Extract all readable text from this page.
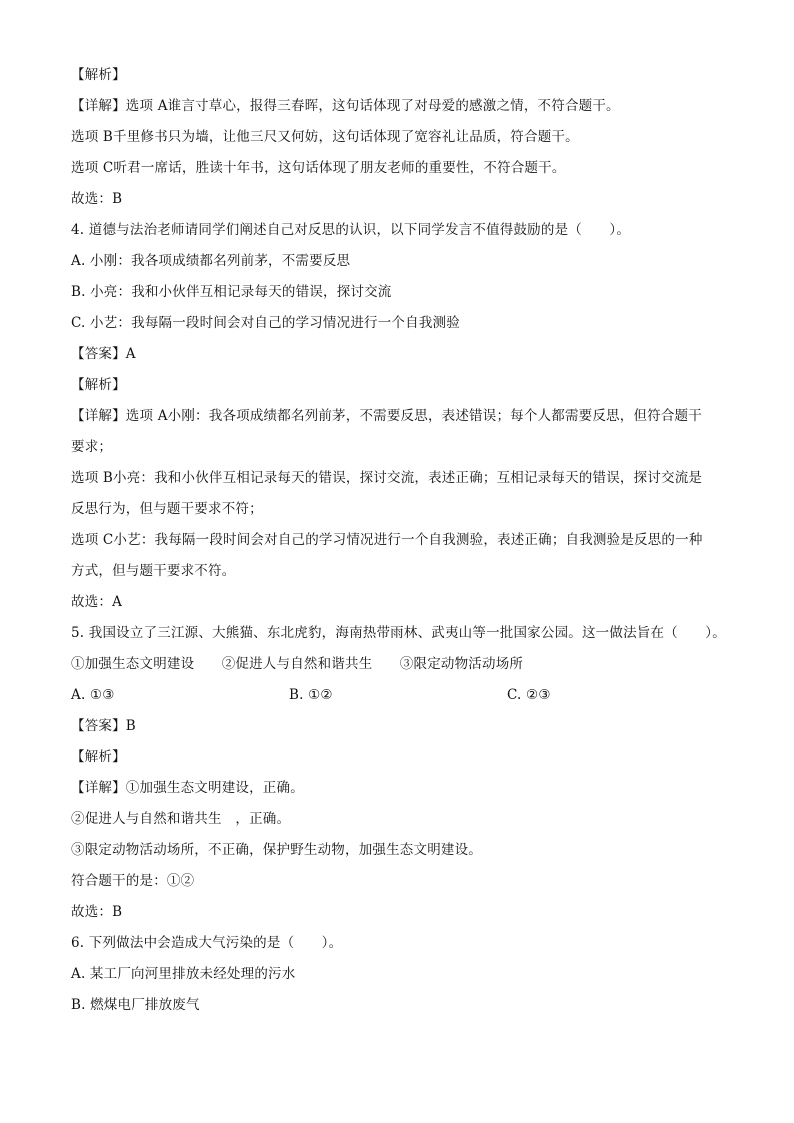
【解析】
【详解】选项 A谁言寸草心，报得三春晖，这句话体现了对母爱的感激之情，不符合题干。
选项 B千里修书只为墙，让他三尺又何妨，这句话体现了宽容礼让品质，符合题干。
选项 C听君一席话，胜读十年书，这句话体现了朋友老师的重要性，不符合题干。
故选：B
4. 道德与法治老师请同学们阐述自己对反思的认识，以下同学发言不值得鼓励的是（　　）。
A. 小刚：我各项成绩都名列前茅，不需要反思
B. 小亮：我和小伙伴互相记录每天的错误，探讨交流
C. 小艺：我每隔一段时间会对自己的学习情况进行一个自我测验
【答案】A
【解析】
【详解】选项 A小刚：我各项成绩都名列前茅，不需要反思，表述错误；每个人都需要反思，但符合题干
要求；
选项 B小亮：我和小伙伴互相记录每天的错误，探讨交流，表述正确；互相记录每天的错误，探讨交流是
反思行为，但与题干要求不符；
选项 C小艺：我每隔一段时间会对自己的学习情况进行一个自我测验，表述正确；自我测验是反思的一种
方式，但与题干要求不符。
故选：A
5. 我国设立了三江源、大熊猫、东北虎豹，海南热带雨林、武夷山等一批国家公园。这一做法旨在（　　）。
①加强生态文明建设　　②促进人与自然和谐共生　　③限定动物活动场所
A. ①③	B. ①②	C. ②③
【答案】B
【解析】
【详解】①加强生态文明建设，正确。
②促进人与自然和谐共生　，正确。
③限定动物活动场所，不正确，保护野生动物，加强生态文明建设。
符合题干的是：①②
故选：B
6. 下列做法中会造成大气污染的是（　　）。
A. 某工厂向河里排放未经处理的污水
B. 燃煤电厂排放废气
